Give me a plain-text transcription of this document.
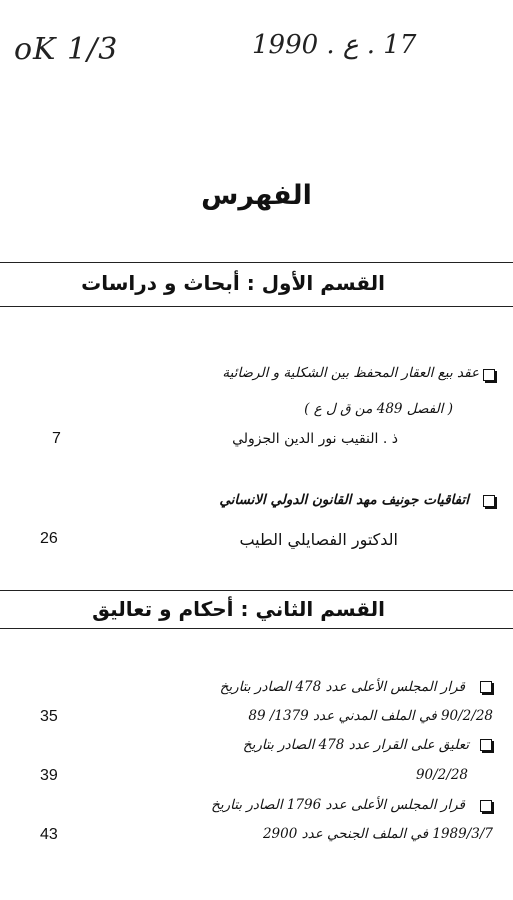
oK 1/3	17 . ع . 1990
الفهرس
القسم الأول : أبحاث و دراسات
عقد بيع العقار المحفظ بين الشكلية و الرضائية
( الفصل 489 من ق ل ع )
ذ . النقيب نور الدين الجزولي
7
اتفاقيات جونيف مهد القانون الدولي الانساني
الدكتور الفصايلي الطيب
26
القسم الثاني : أحكام و تعاليق
قرار المجلس الأعلى عدد 478 الصادر بتاريخ
90/2/28 في الملف المدني عدد 1379/ 89
35
تعليق على القرار عدد 478 الصادر بتاريخ
90/2/28
39
قرار المجلس الأعلى عدد 1796 الصادر بتاريخ
1989/3/7 في الملف الجنحي عدد 2900
43
